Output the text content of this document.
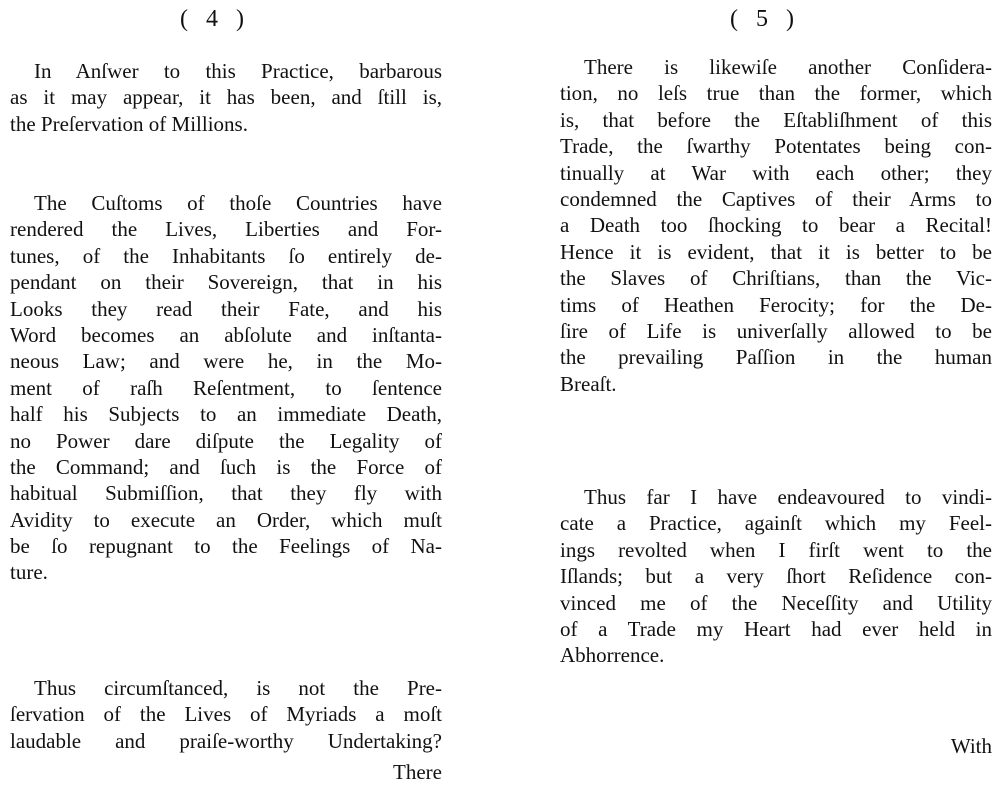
( 4 )
In Anſwer to this Practice, barbarous
as it may appear, it has been, and ſtill is,
the Preſervation of Millions.
The Cuſtoms of thoſe Countries have
rendered the Lives, Liberties and For-
tunes, of the Inhabitants ſo entirely de-
pendant on their Sovereign, that in his
Looks they read their Fate, and his
Word becomes an abſolute and inſtanta-
neous Law; and were he, in the Mo-
ment of raſh Reſentment, to ſentence
half his Subjects to an immediate Death,
no Power dare diſpute the Legality of
the Command; and ſuch is the Force of
habitual Submiſſion, that they fly with
Avidity to execute an Order, which muſt
be ſo repugnant to the Feelings of Na-
ture.
Thus circumſtanced, is not the Pre-
ſervation of the Lives of Myriads a moſt
laudable and praiſe-worthy Undertaking?
There
( 5 )
There is likewiſe another Conſidera-
tion, no leſs true than the former, which
is, that before the Eſtabliſhment of this
Trade, the ſwarthy Potentates being con-
tinually at War with each other; they
condemned the Captives of their Arms to
a Death too ſhocking to bear a Recital!
Hence it is evident, that it is better to be
the Slaves of Chriſtians, than the Vic-
tims of Heathen Ferocity; for the De-
ſire of Life is univerſally allowed to be
the prevailing Paſſion in the human
Breaſt.
Thus far I have endeavoured to vindi-
cate a Practice, againſt which my Feel-
ings revolted when I firſt went to the
Iſlands; but a very ſhort Reſidence con-
vinced me of the Neceſſity and Utility
of a Trade my Heart had ever held in
Abhorrence.
With
